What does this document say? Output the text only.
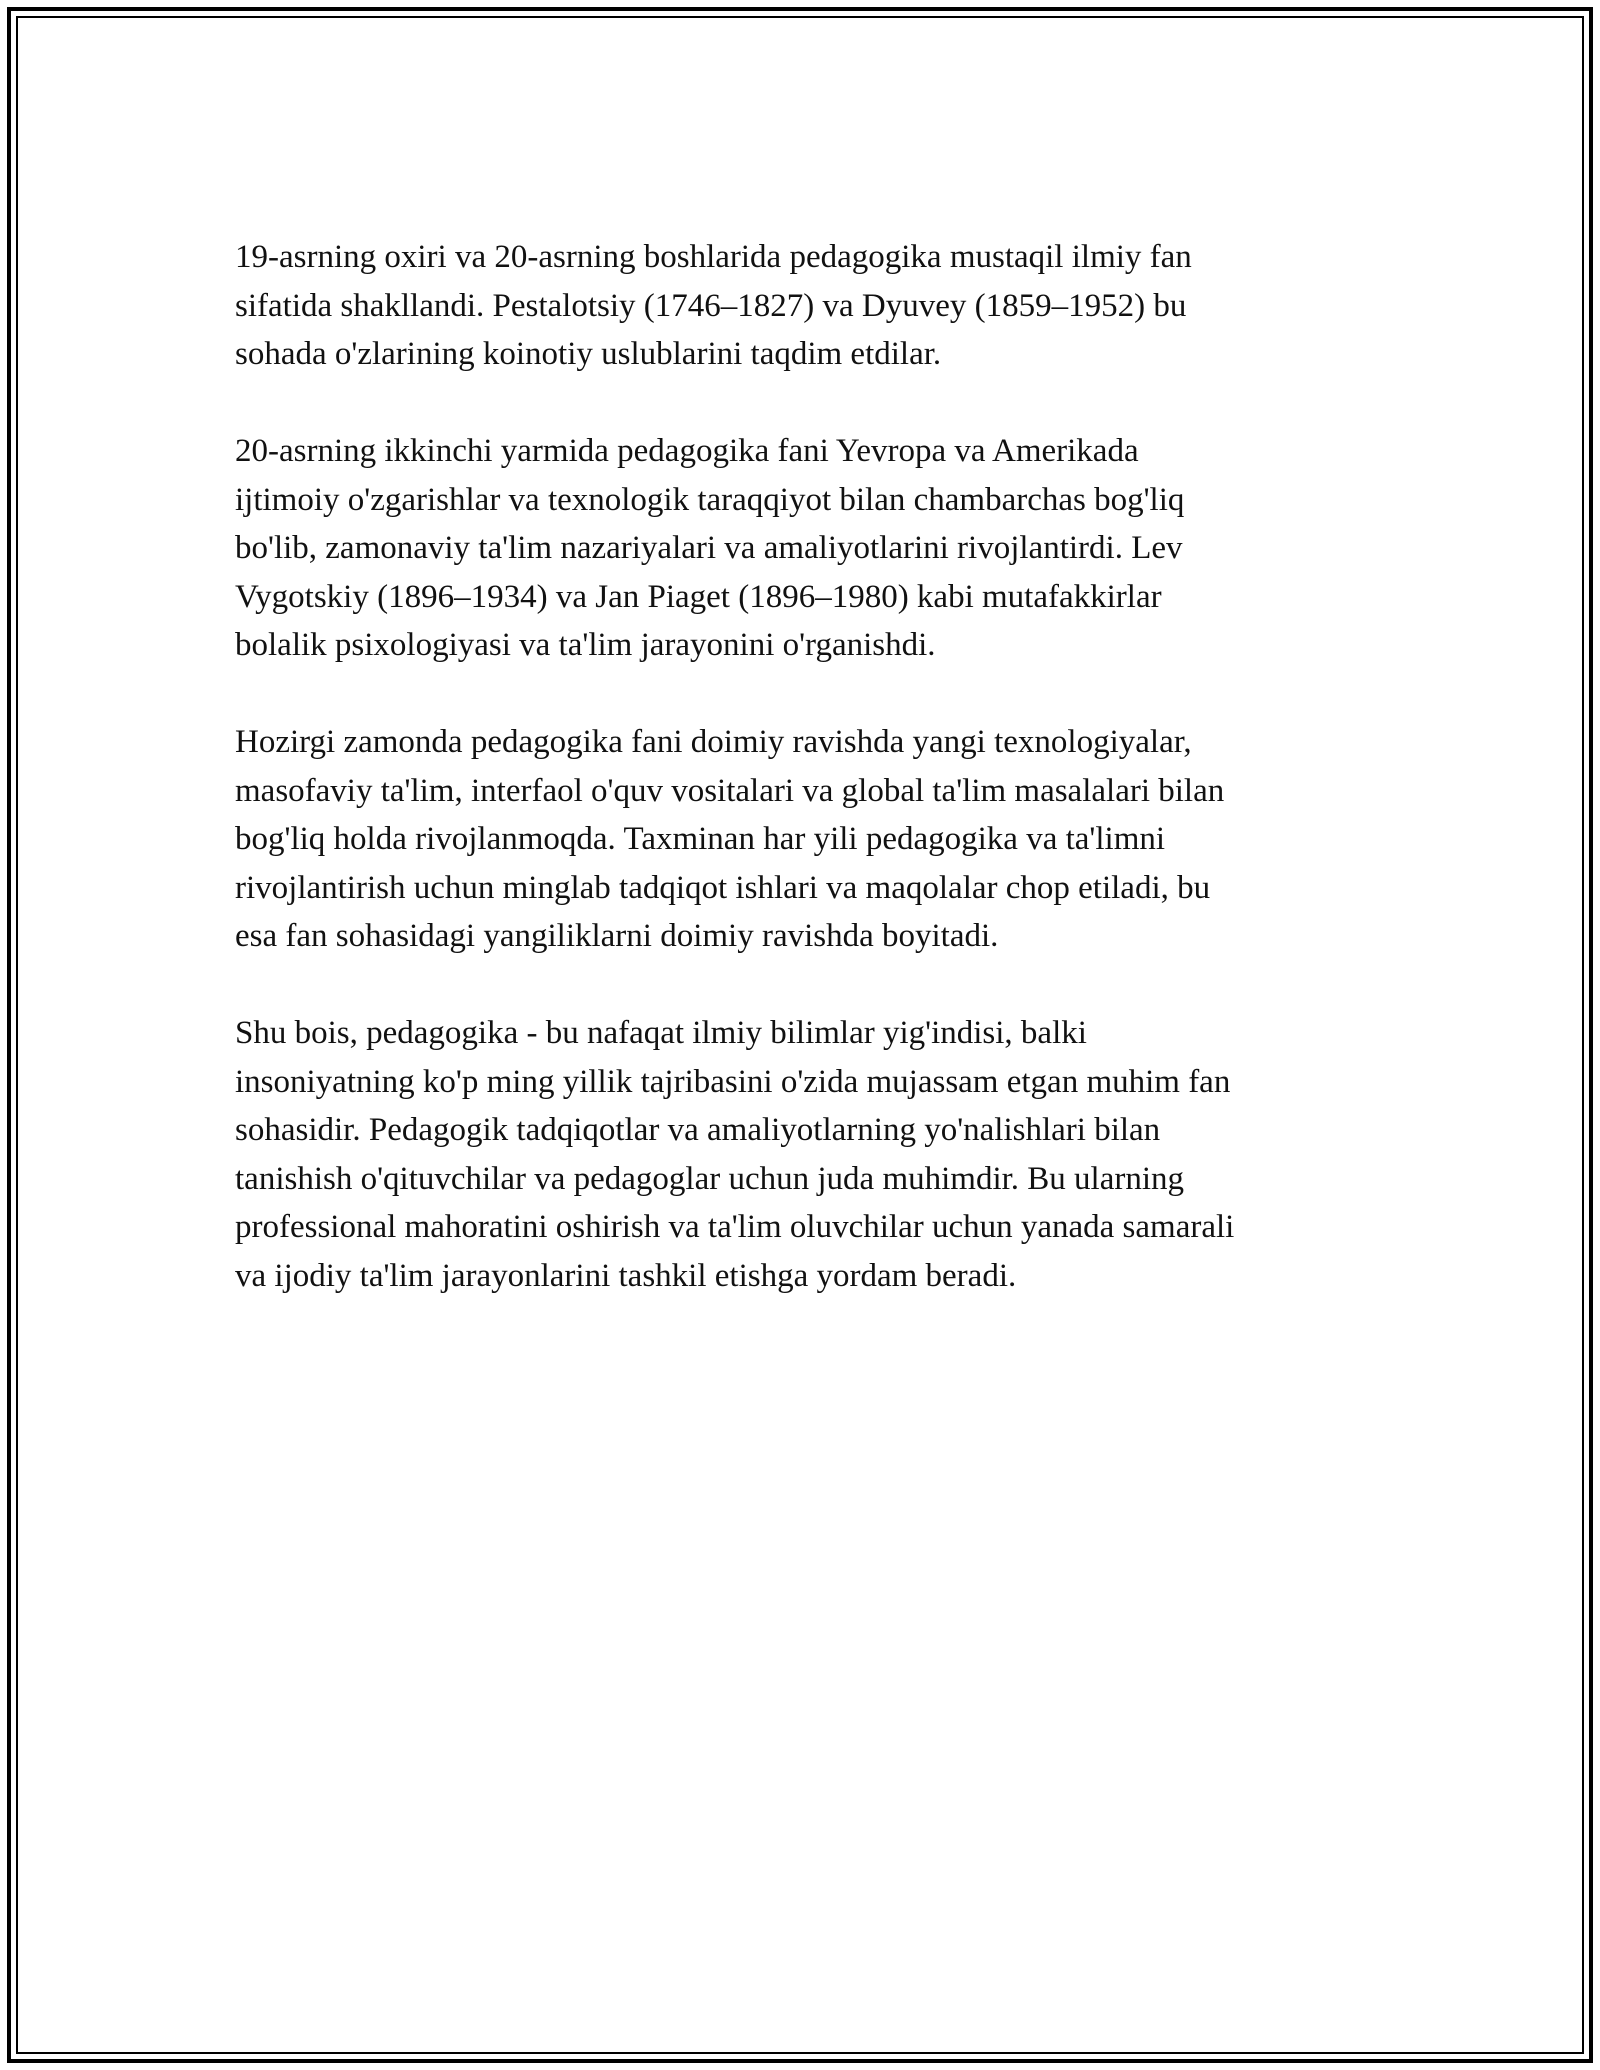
19-asrning oxiri va 20-asrning boshlarida pedagogika mustaqil ilmiy fan
sifatida shakllandi. Pestalotsiy (1746–1827) va Dyuvey (1859–1952) bu
sohada o'zlarining koinotiy uslublarini taqdim etdilar.

20-asrning ikkinchi yarmida pedagogika fani Yevropa va Amerikada
ijtimoiy o'zgarishlar va texnologik taraqqiyot bilan chambarchas bog'liq
bo'lib, zamonaviy ta'lim nazariyalari va amaliyotlarini rivojlantirdi. Lev
Vygotskiy (1896–1934) va Jan Piaget (1896–1980) kabi mutafakkirlar
bolalik psixologiyasi va ta'lim jarayonini o'rganishdi.

Hozirgi zamonda pedagogika fani doimiy ravishda yangi texnologiyalar,
masofaviy ta'lim, interfaol o'quv vositalari va global ta'lim masalalari bilan
bog'liq holda rivojlanmoqda. Taxminan har yili pedagogika va ta'limni
rivojlantirish uchun minglab tadqiqot ishlari va maqolalar chop etiladi, bu
esa fan sohasidagi yangiliklarni doimiy ravishda boyitadi.

Shu bois, pedagogika - bu nafaqat ilmiy bilimlar yig'indisi, balki
insoniyatning ko'p ming yillik tajribasini o'zida mujassam etgan muhim fan
sohasidir. Pedagogik tadqiqotlar va amaliyotlarning yo'nalishlari bilan
tanishish o'qituvchilar va pedagoglar uchun juda muhimdir. Bu ularning
professional mahoratini oshirish va ta'lim oluvchilar uchun yanada samarali
va ijodiy ta'lim jarayonlarini tashkil etishga yordam beradi.
